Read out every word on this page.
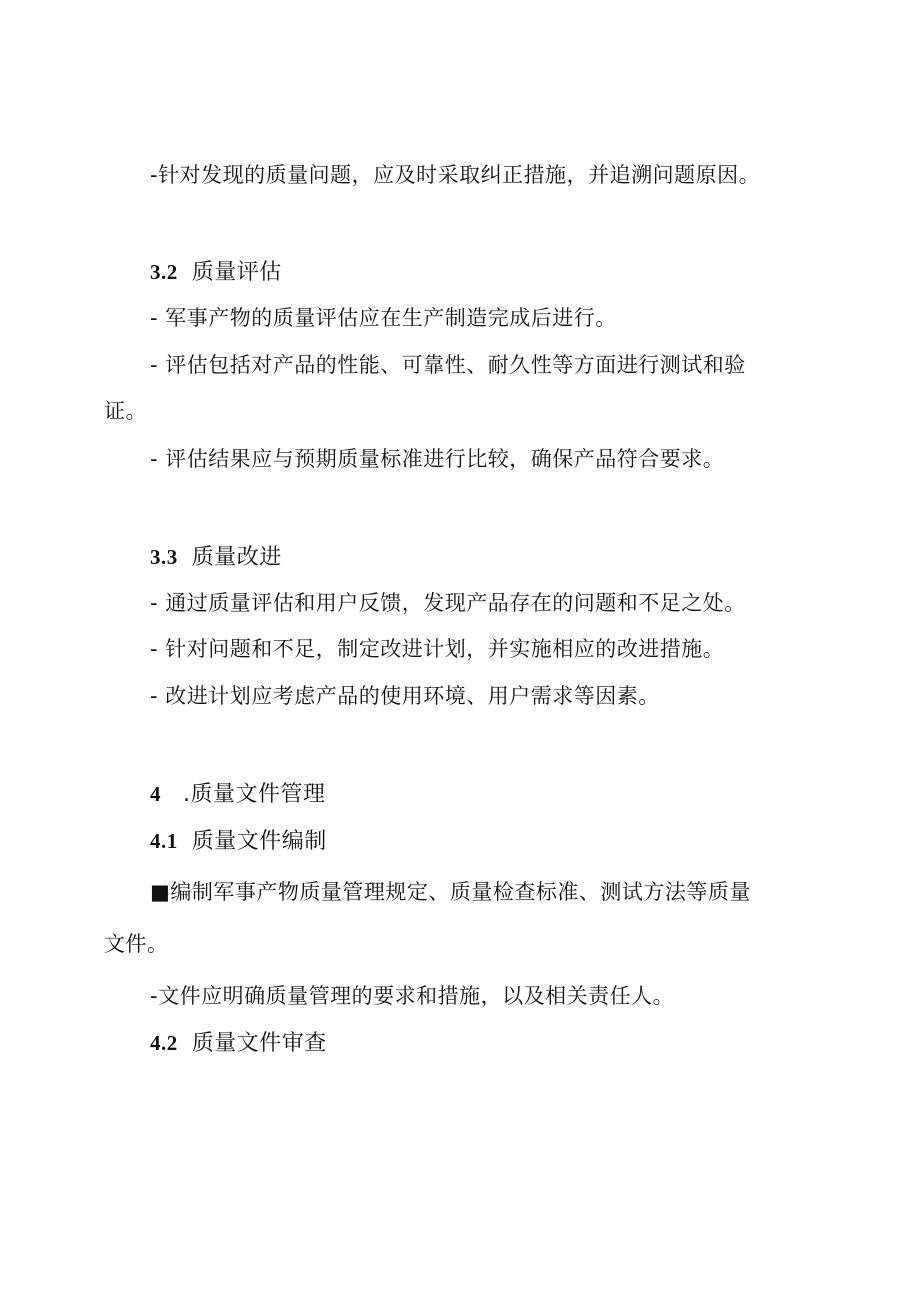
-针对发现的质量问题，应及时采取纠正措施，并追溯问题原因。
3.2 质量评估
- 军事产物的质量评估应在生产制造完成后进行。
- 评估包括对产品的性能、可靠性、耐久性等方面进行测试和验
证。
- 评估结果应与预期质量标准进行比较，确保产品符合要求。
3.3 质量改进
- 通过质量评估和用户反馈，发现产品存在的问题和不足之处。
- 针对问题和不足，制定改进计划，并实施相应的改进措施。
- 改进计划应考虑产品的使用环境、用户需求等因素。
4 .质量文件管理
4.1 质量文件编制
■编制军事产物质量管理规定、质量检查标准、测试方法等质量
文件。
-文件应明确质量管理的要求和措施，以及相关责任人。
4.2 质量文件审查
